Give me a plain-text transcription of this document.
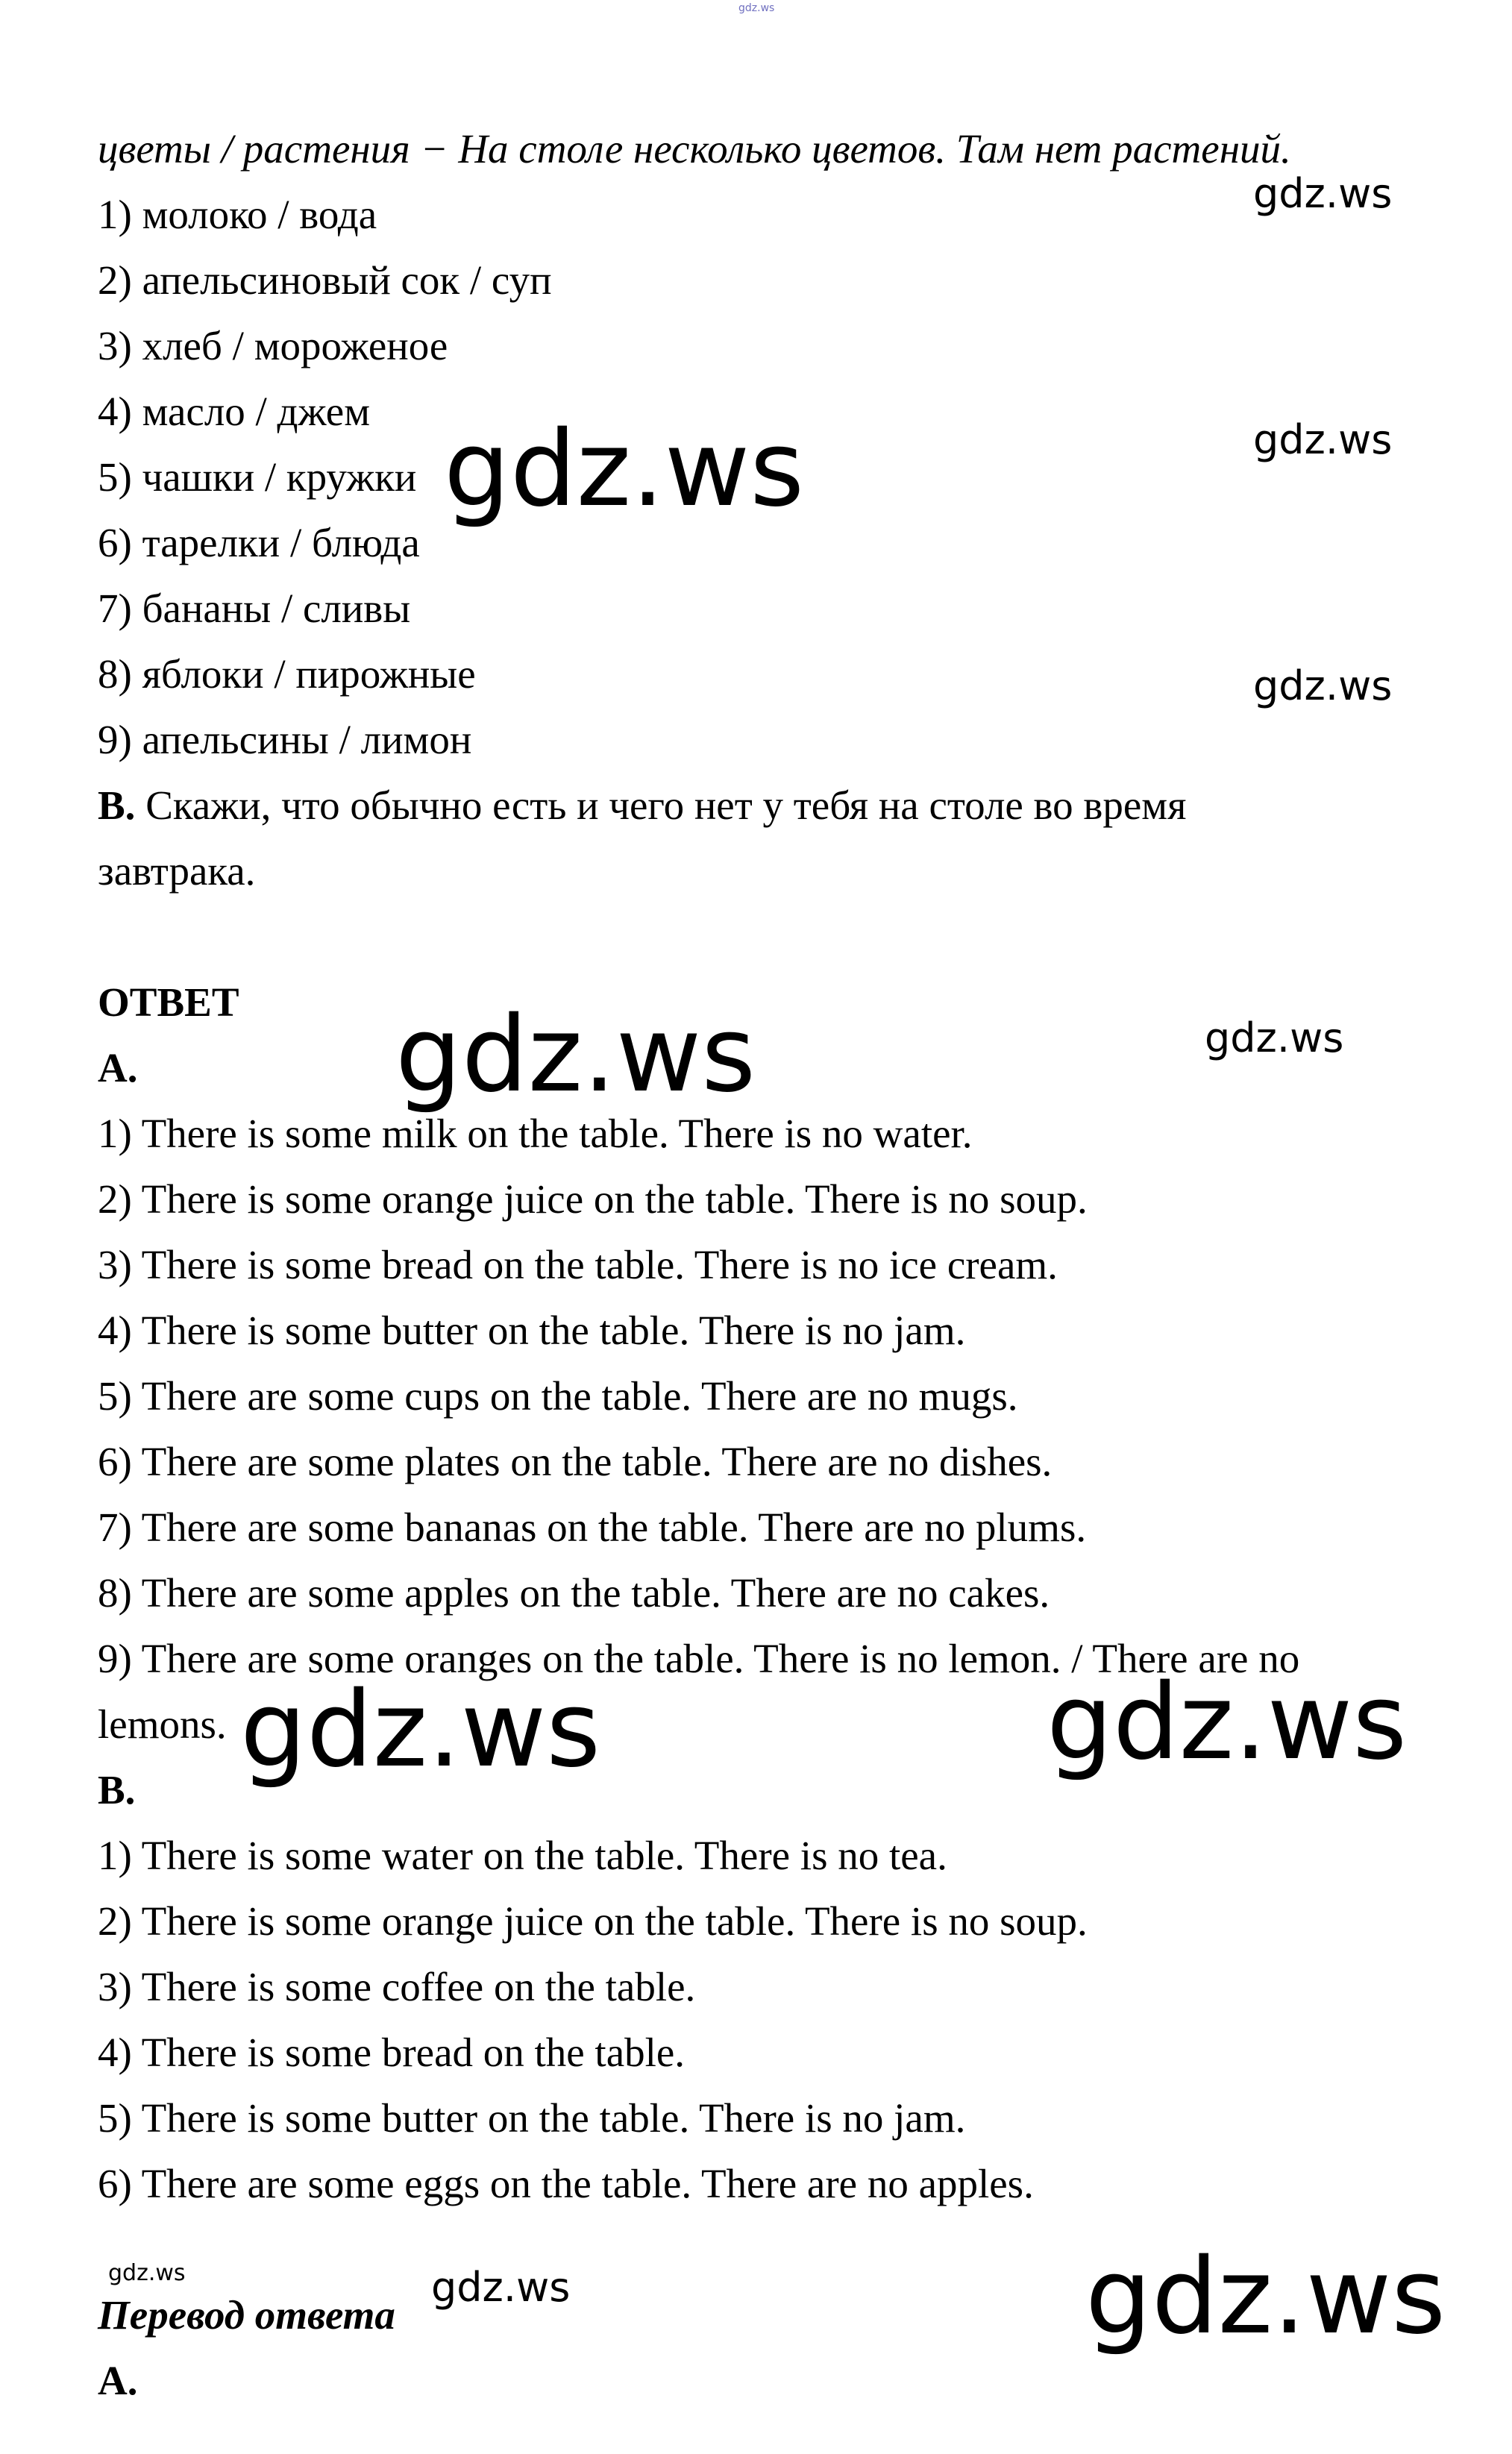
gdz.ws
цветы / растения − На столе несколько цветов. Там нет растений.
1) молоко / вода
2) апельсиновый сок / суп
3) хлеб / мороженое
4) масло / джем
5) чашки / кружки
6) тарелки / блюда
7) бананы / сливы
8) яблоки / пирожные
9) апельсины / лимон
B. Скажи, что обычно есть и чего нет у тебя на столе во время
завтрака.
ОТВЕТ
A.
1) There is some milk on the table. There is no water.
2) There is some orange juice on the table. There is no soup.
3) There is some bread on the table. There is no ice cream.
4) There is some butter on the table. There is no jam.
5) There are some cups on the table. There are no mugs.
6) There are some plates on the table. There are no dishes.
7) There are some bananas on the table. There are no plums.
8) There are some apples on the table. There are no cakes.
9) There are some oranges on the table. There is no lemon. / There are no
lemons.
B.
1) There is some water on the table. There is no tea.
2) There is some orange juice on the table. There is no soup.
3) There is some coffee on the table.
4) There is some bread on the table.
5) There is some butter on the table. There is no jam.
6) There are some eggs on the table. There are no apples.
Перевод ответа
A.
gdz.ws
gdz.ws
gdz.ws
gdz.ws
gdz.ws	gdz.ws
gdz.ws	gdz.ws
gdz.ws	gdz.ws	gdz.ws
